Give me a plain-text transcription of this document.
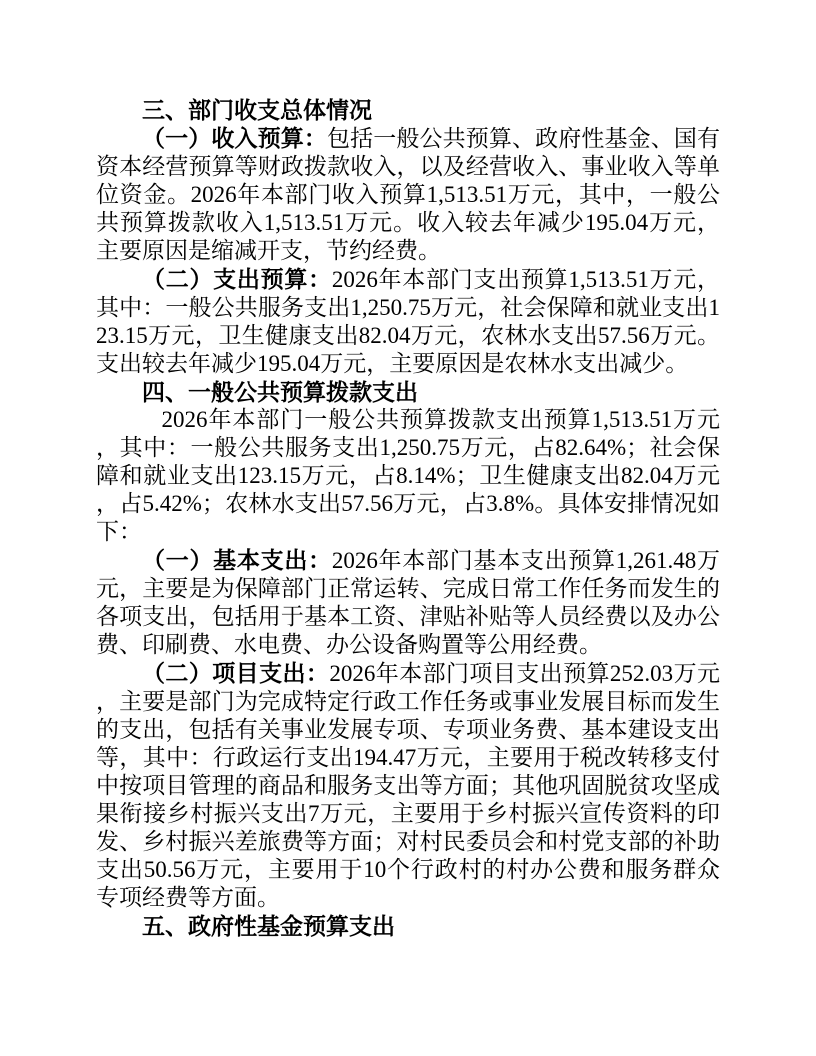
三、部门收支总体情况

（一）收入预算：包括一般公共预算、政府性基金、国有资本经营预算等财政拨款收入，以及经营收入、事业收入等单位资金。2026年本部门收入预算1,513.51万元，其中，一般公共预算拨款收入1,513.51万元。收入较去年减少195.04万元，主要原因是缩减开支，节约经费。

（二）支出预算：2026年本部门支出预算1,513.51万元，其中：一般公共服务支出1,250.75万元，社会保障和就业支出123.15万元，卫生健康支出82.04万元，农林水支出57.56万元。支出较去年减少195.04万元，主要原因是农林水支出减少。

四、一般公共预算拨款支出

2026年本部门一般公共预算拨款支出预算1,513.51万元，其中：一般公共服务支出1,250.75万元，占82.64%；社会保障和就业支出123.15万元，占8.14%；卫生健康支出82.04万元，占5.42%；农林水支出57.56万元，占3.8%。具体安排情况如下：

（一）基本支出：2026年本部门基本支出预算1,261.48万元，主要是为保障部门正常运转、完成日常工作任务而发生的各项支出，包括用于基本工资、津贴补贴等人员经费以及办公费、印刷费、水电费、办公设备购置等公用经费。

（二）项目支出：2026年本部门项目支出预算252.03万元，主要是部门为完成特定行政工作任务或事业发展目标而发生的支出，包括有关事业发展专项、专项业务费、基本建设支出等，其中：行政运行支出194.47万元，主要用于税改转移支付中按项目管理的商品和服务支出等方面；其他巩固脱贫攻坚成果衔接乡村振兴支出7万元，主要用于乡村振兴宣传资料的印发、乡村振兴差旅费等方面；对村民委员会和村党支部的补助支出50.56万元，主要用于10个行政村的村办公费和服务群众专项经费等方面。

五、政府性基金预算支出
